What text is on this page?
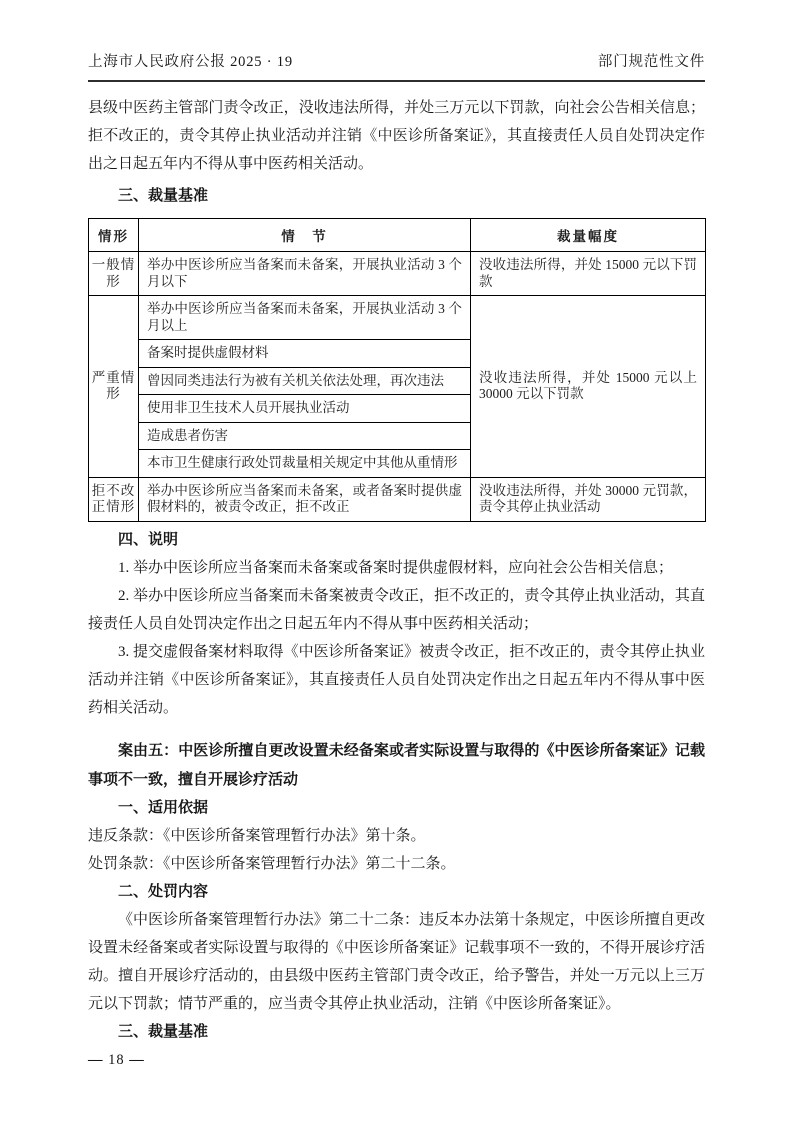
上海市人民政府公报 2025 · 19	部门规范性文件

县级中医药主管部门责令改正，没收违法所得，并处三万元以下罚款，向社会公告相关信息；拒不改正的，责令其停止执业活动并注销《中医诊所备案证》，其直接责任人员自处罚决定作出之日起五年内不得从事中医药相关活动。

三、裁量基准
情形	情　节	裁量幅度
一般情形	举办中医诊所应当备案而未备案，开展执业活动 3 个月以下	没收违法所得，并处 15000 元以下罚款
严重情形	举办中医诊所应当备案而未备案，开展执业活动 3 个月以上	没收违法所得，并处 15000 元以上 30000 元以下罚款
	备案时提供虚假材料	
	曾因同类违法行为被有关机关依法处理，再次违法	
	使用非卫生技术人员开展执业活动	
	造成患者伤害	
	本市卫生健康行政处罚裁量相关规定中其他从重情形	
拒不改正情形	举办中医诊所应当备案而未备案，或者备案时提供虚假材料的，被责令改正，拒不改正	没收违法所得，并处 30000 元罚款，责令其停止执业活动
四、说明

1. 举办中医诊所应当备案而未备案或备案时提供虚假材料，应向社会公告相关信息；

2. 举办中医诊所应当备案而未备案被责令改正，拒不改正的，责令其停止执业活动，其直接责任人员自处罚决定作出之日起五年内不得从事中医药相关活动；

3. 提交虚假备案材料取得《中医诊所备案证》被责令改正，拒不改正的，责令其停止执业活动并注销《中医诊所备案证》，其直接责任人员自处罚决定作出之日起五年内不得从事中医药相关活动。

案由五：中医诊所擅自更改设置未经备案或者实际设置与取得的《中医诊所备案证》记载事项不一致，擅自开展诊疗活动

一、适用依据

违反条款：《中医诊所备案管理暂行办法》第十条。

处罚条款：《中医诊所备案管理暂行办法》第二十二条。

二、处罚内容

《中医诊所备案管理暂行办法》第二十二条：违反本办法第十条规定，中医诊所擅自更改设置未经备案或者实际设置与取得的《中医诊所备案证》记载事项不一致的，不得开展诊疗活动。擅自开展诊疗活动的，由县级中医药主管部门责令改正，给予警告，并处一万元以上三万元以下罚款；情节严重的，应当责令其停止执业活动，注销《中医诊所备案证》。

三、裁量基准
— 18 —
